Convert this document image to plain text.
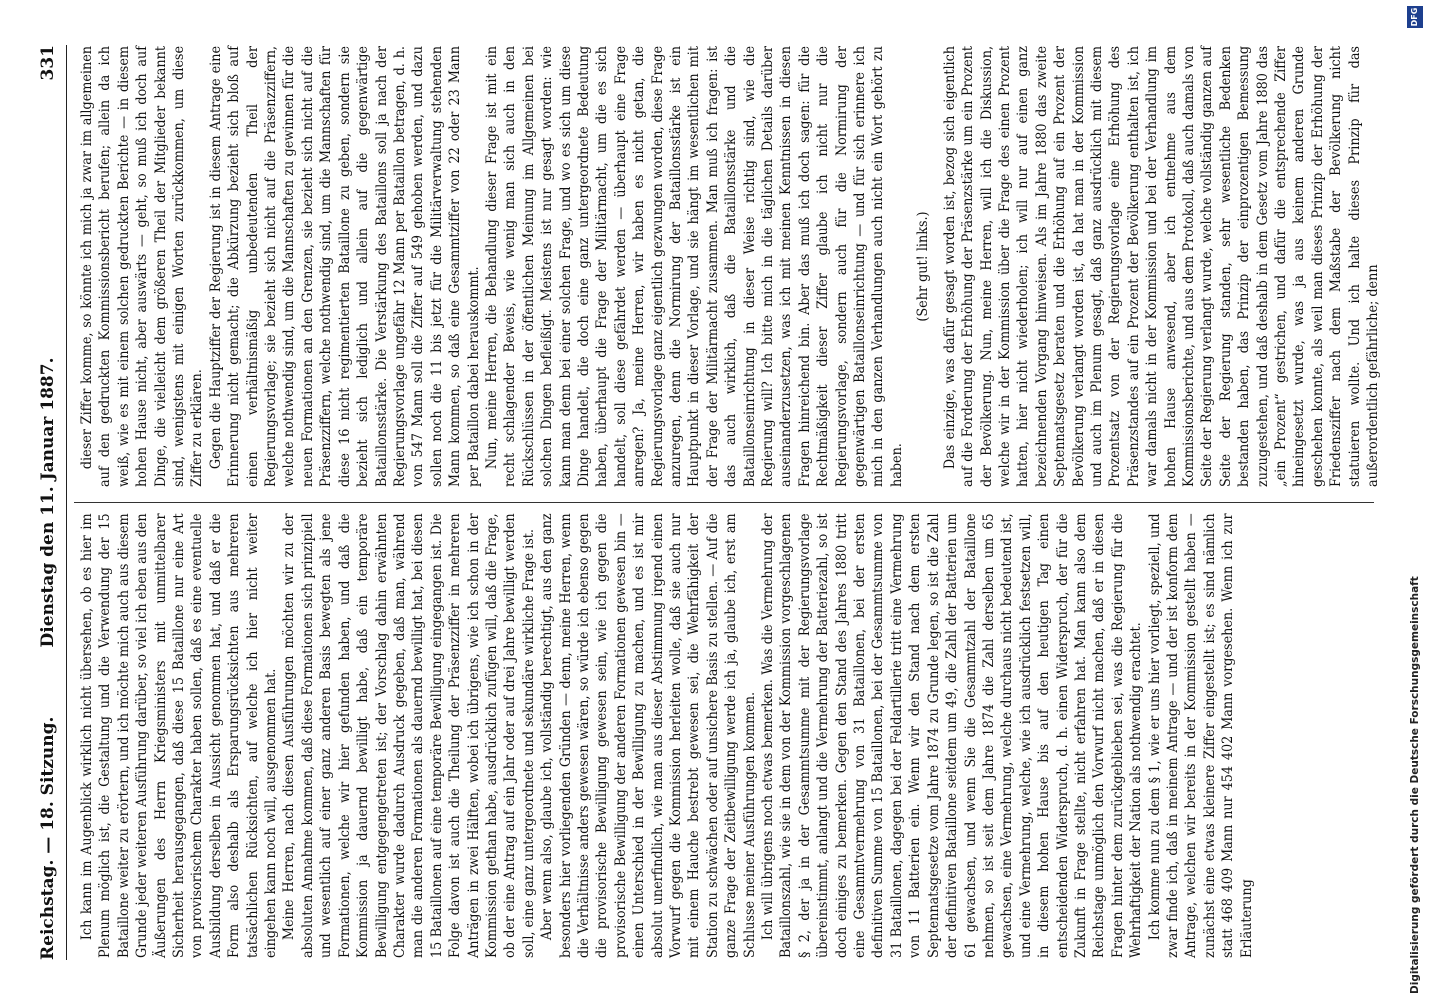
Reichstag. — 18. Sitzung.
Dienstag den 11. Januar 1887.
331

Ich kann im Augenblick wirklich nicht übersehen, ob es hier im Plenum möglich ist, die Gestaltung und die Verwendung der 15 Bataillone weiter zu erörtern, und ich möchte mich auch aus diesem Grunde jeder weiteren Ausführung darüber, so viel ich eben aus den Äußerungen des Herrn Kriegsministers mit unmittelbarer Sicherheit herausgegangen, daß diese 15 Bataillone nur eine Art von provisorischem Charakter haben sollen, daß es eine eventuelle Ausbildung derselben in Aussicht genommen hat, und daß er die Form also deshalb als Ersparungsrücksichten aus mehreren tatsächlichen Rücksichten, auf welche ich hier nicht weiter eingehen kann noch will, ausgenommen hat. Meine Herren, nach diesen Ausführungen möchten wir zu der absoluten Annahme kommen, daß diese Formationen sich prinzipiell und wesentlich auf einer ganz anderen Basis bewegten als jene Formationen, welche wir hier gefunden haben, und daß die Kommission ja dauernd bewilligt habe, daß ein temporäre Bewilligung entgegengetreten ist; der Vorschlag dahin erwähnten Charakter wurde dadurch Ausdruck gegeben, daß man, während man die anderen Formationen als dauernd bewilligt hat, bei diesen 15 Bataillonen auf eine temporäre Bewilligung eingegangen ist. Die Folge davon ist auch die Theilung der Präsenzziffer in mehreren Anträgen in zwei Hälften, wobei ich übrigens, wie ich schon in der Kommission gethan habe, ausdrücklich zufügen will, daß die Frage, ob der eine Antrag auf ein Jahr oder auf drei Jahre bewilligt werden soll, eine ganz untergeordnete und sekundäre wirkliche Frage ist. Aber wenn also, glaube ich, vollständig berechtigt, aus den ganz besonders hier vorliegenden Gründen — denn, meine Herren, wenn die Verhältnisse anders gewesen wären, so würde ich ebenso gegen die provisorische Bewilligung gewesen sein, wie ich gegen die provisorische Bewilligung der anderen Formationen gewesen bin — einen Unterschied in der Bewilligung zu machen, und es ist mir absolut unerfindlich, wie man aus dieser Abstimmung irgend einen Vorwurf gegen die Kommission herleiten wolle, daß sie auch nur mit einem Hauche bestrebt gewesen sei, die Wehrfähigkeit der Station zu schwächen oder auf unsichere Basis zu stellen. — Auf die ganze Frage der Zeitbewilligung werde ich ja, glaube ich, erst am Schlusse meiner Ausführungen kommen. Ich will übrigens noch etwas bemerken. Was die Vermehrung der Bataillonszahl, wie sie in dem von der Kommission vorgeschlagenen § 2, der ja in der Gesammtsumme mit der Regierungsvorlage übereinstimmt, anlangt und die Vermehrung der Batteriezahl, so ist doch einiges zu bemerken. Gegen den Stand des Jahres 1880 tritt eine Gesammtvermehrung von 31 Bataillonen, bei der ersten definitiven Summe von 15 Bataillonen, bei der Gesammtsumme von 31 Bataillonen, dagegen bei der Feldartillerie tritt eine Vermehrung von 11 Batterien ein. Wenn wir den Stand nach dem ersten Septennatsgesetze vom Jahre 1874 zu Grunde legen, so ist die Zahl der definitiven Bataillone seitdem um 49, die Zahl der Batterien um 61 gewachsen, und wenn Sie die Gesammtzahl der Bataillone nehmen, so ist seit dem Jahre 1874 die Zahl derselben um 65 gewachsen, eine Vermehrung, welche durchaus nicht bedeutend ist, und eine Vermehrung, welche, wie ich ausdrücklich festsetzen will, in diesem hohen Hause bis auf den heutigen Tag einen entscheidenden Widerspruch, d. h. einen Widerspruch, der für die Zukunft in Frage stellte, nicht erfahren hat. Man kann also dem Reichstage unmöglich den Vorwurf nicht machen, daß er in diesen Fragen hinter dem zurückgeblieben sei, was die Regierung für die Wehrhaftigkeit der Nation als nothwendig erachtet. Ich komme nun zu dem § 1, wie er uns hier vorliegt, speziell, und zwar finde ich, daß in meinem Antrage — und der ist konform dem Antrage, welchen wir bereits in der Kommission gestellt haben — zunächst eine etwas kleinere Ziffer eingestellt ist; es sind nämlich statt 468 409 Mann nur 454 402 Mann vorgesehen. Wenn ich zur Erläuterung

dieser Ziffer komme, so könnte ich mich ja zwar im allgemeinen auf den gedruckten Kommissionsbericht berufen; allein da ich weiß, wie es mit einem solchen gedruckten Berichte — in diesem hohen Hause nicht, aber auswärts — geht, so muß ich doch auf Dinge, die vielleicht dem größeren Theil der Mitglieder bekannt sind, wenigstens mit einigen Worten zurückkommen, um diese Ziffer zu erklären. Gegen die Hauptziffer der Regierung ist in diesem Antrage eine Erinnerung nicht gemacht; die Abkürzung bezieht sich bloß auf einen verhältnismäßig unbedeutenden Theil der Regierungsvorlage; sie bezieht sich nicht auf die Präsenzziffern, welche nothwendig sind, um die Mannschaften zu gewinnen für die neuen Formationen an den Grenzen, sie bezieht sich nicht auf die Präsenzziffern, welche nothwendig sind, um die Mannschaften für diese 16 nicht regimentierten Bataillone zu geben, sondern sie bezieht sich lediglich und allein auf die gegenwärtige Bataillonsstärke. Die Verstärkung des Bataillons soll ja nach der Regierungsvorlage ungefähr 12 Mann per Bataillon betragen, d. h. von 547 Mann soll die Ziffer auf 549 gehoben werden, und dazu sollen noch die 11 bis jetzt für die Militärverwaltung stehenden Mann kommen, so daß eine Gesammtziffer von 22 oder 23 Mann per Bataillon dabei herauskommt. Nun, meine Herren, die Behandlung dieser Frage ist mit ein recht schlagender Beweis, wie wenig man sich auch in den Rückschlüssen in der öffentlichen Meinung im Allgemeinen bei solchen Dingen befleißigt. Meistens ist nur gesagt worden: wie kann man denn bei einer solchen Frage, und wo es sich um diese Dinge handelt, die doch eine ganz untergeordnete Bedeutung haben, überhaupt die Frage der Militärmacht, um die es sich handelt, soll diese gefährdet werden — überhaupt eine Frage anregen? Ja, meine Herren, wir haben es nicht getan, die Regierungsvorlage ganz eigentlich gezwungen worden, diese Frage anzuregen, denn die Normirung der Bataillonsstärke ist ein Hauptpunkt in dieser Vorlage, und sie hängt im wesentlichen mit der Frage der Militärmacht zusammen. Man muß ich fragen: ist das auch wirklich, daß die Bataillonsstärke und die Bataillonseinrichtung in dieser Weise richtig sind, wie die Regierung will? Ich bitte mich in die täglichen Details darüber auseinanderzusetzen, was ich mit meinen Kenntnissen in diesen Fragen hinreichend bin. Aber das muß ich doch sagen: für die Rechtmäßigkeit dieser Ziffer glaube ich nicht nur die Regierungsvorlage, sondern auch für die Normirung der gegenwärtigen Bataillonseinrichtung — und für sich erinnere ich mich in den ganzen Verhandlungen auch nicht ein Wort gehört zu haben.

(Sehr gut! links.) Das einzige, was dafür gesagt worden ist, bezog sich eigentlich auf die Forderung der Erhöhung der Präsenzstärke um ein Prozent der Bevölkerung. Nun, meine Herren, will ich die Diskussion, welche wir in der Kommission über die Frage des einen Prozent hatten, hier nicht wiederholen; ich will nur auf einen ganz bezeichnenden Vorgang hinweisen. Als im Jahre 1880 das zweite Septennatsgesetz beraten und die Erhöhung auf ein Prozent der Bevölkerung verlangt worden ist, da hat man in der Kommission und auch im Plenum gesagt, daß ganz ausdrücklich mit diesem Prozentsatz von der Regierungsvorlage eine Erhöhung des Präsenzstandes auf ein Prozent der Bevölkerung enthalten ist, ich war damals nicht in der Kommission und bei der Verhandlung im hohen Hause anwesend, aber ich entnehme aus dem Kommissionsberichte, und aus dem Protokoll, daß auch damals von Seite der Regierung verlangt wurde, welche vollständig ganzen auf Seite der Regierung standen, sehr wesentliche Bedenken bestanden haben, das Prinzip der einprozentigen Bemessung zuzugestehen, und daß deshalb in dem Gesetz vom Jahre 1880 das „ein Prozent“ gestrichen, und dafür die entsprechende Ziffer hineingesetzt wurde, was ja aus keinem anderen Grunde geschehen konnte, als weil man dieses Prinzip der Erhöhung der Friedensziffer nach dem Maßstabe der Bevölkerung nicht statuieren wollte. Und ich halte dieses Prinzip für das außerordentlich gefährliche; denn

Digitalisierung gefördert durch die Deutsche Forschungsgemeinschaft
DFG
